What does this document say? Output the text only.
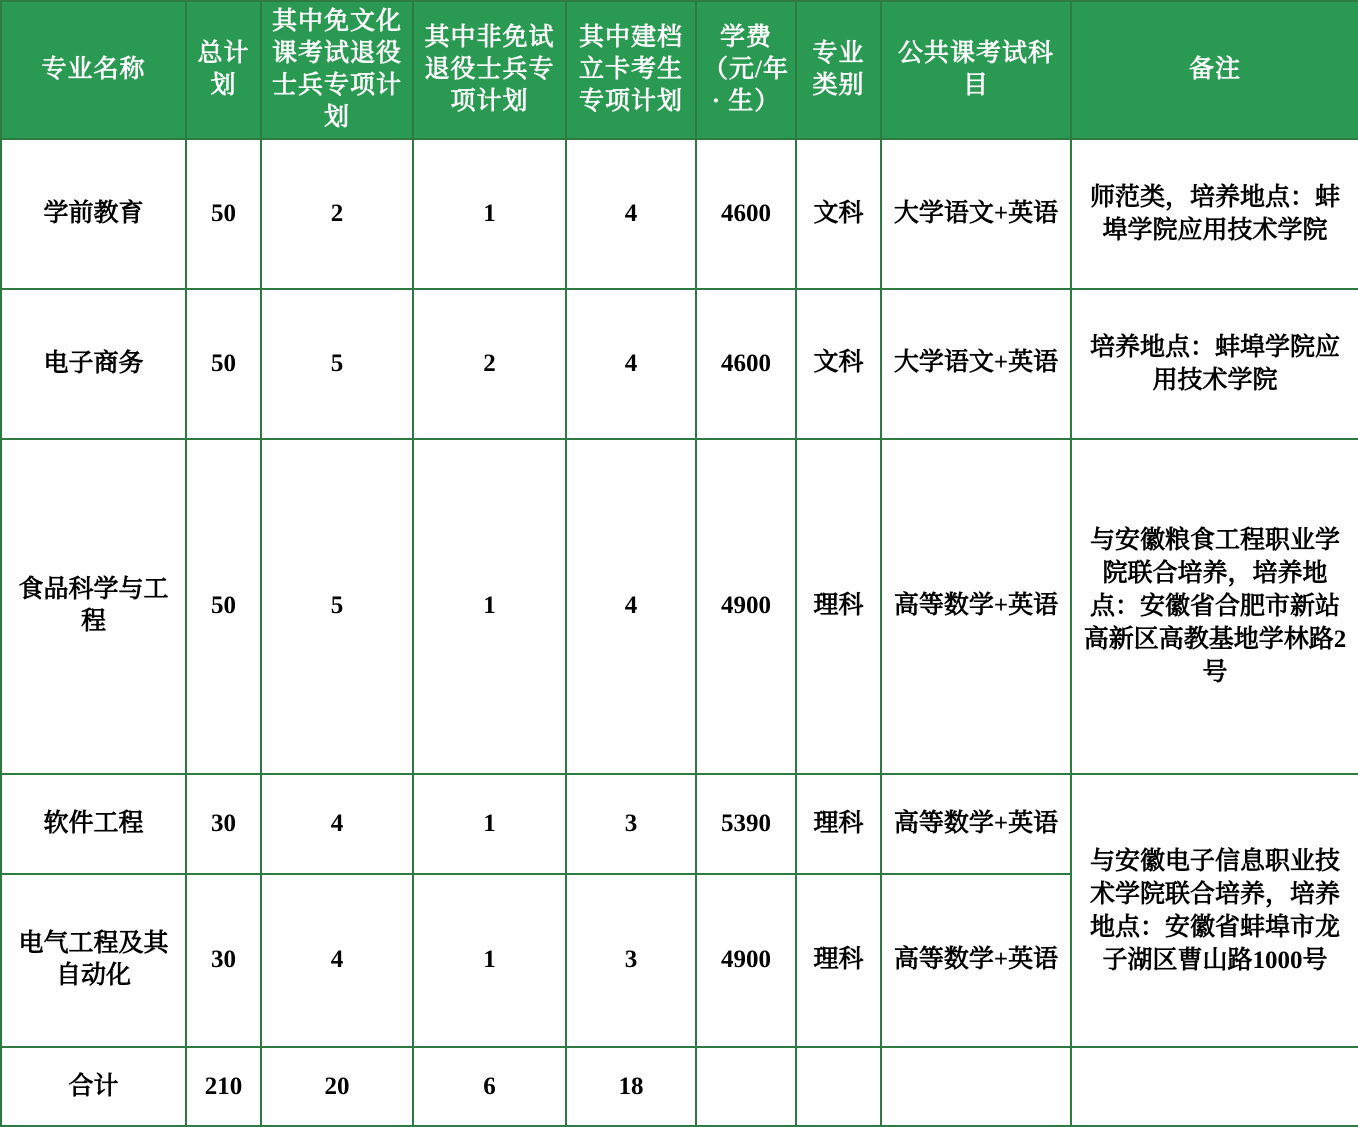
专业名称	总计划	其中免文化课考试退役士兵专项计划	其中非免试退役士兵专项计划	其中建档立卡考生专项计划	学费（元/年 · 生）	专业类别	公共课考试科目	备注
学前教育	50	2	1	4	4600	文科	大学语文+英语	师范类，培养地点：蚌埠学院应用技术学院
电子商务	50	5	2	4	4600	文科	大学语文+英语	培养地点：蚌埠学院应用技术学院
食品科学与工程	50	5	1	4	4900	理科	高等数学+英语	与安徽粮食工程职业学院联合培养，培养地点：安徽省合肥市新站高新区高教基地学林路2号
软件工程	30	4	1	3	5390	理科	高等数学+英语	与安徽电子信息职业技术学院联合培养，培养地点：安徽省蚌埠市龙子湖区曹山路1000号
电气工程及其自动化	30	4	1	3	4900	理科	高等数学+英语	
合计	210	20	6	18				
